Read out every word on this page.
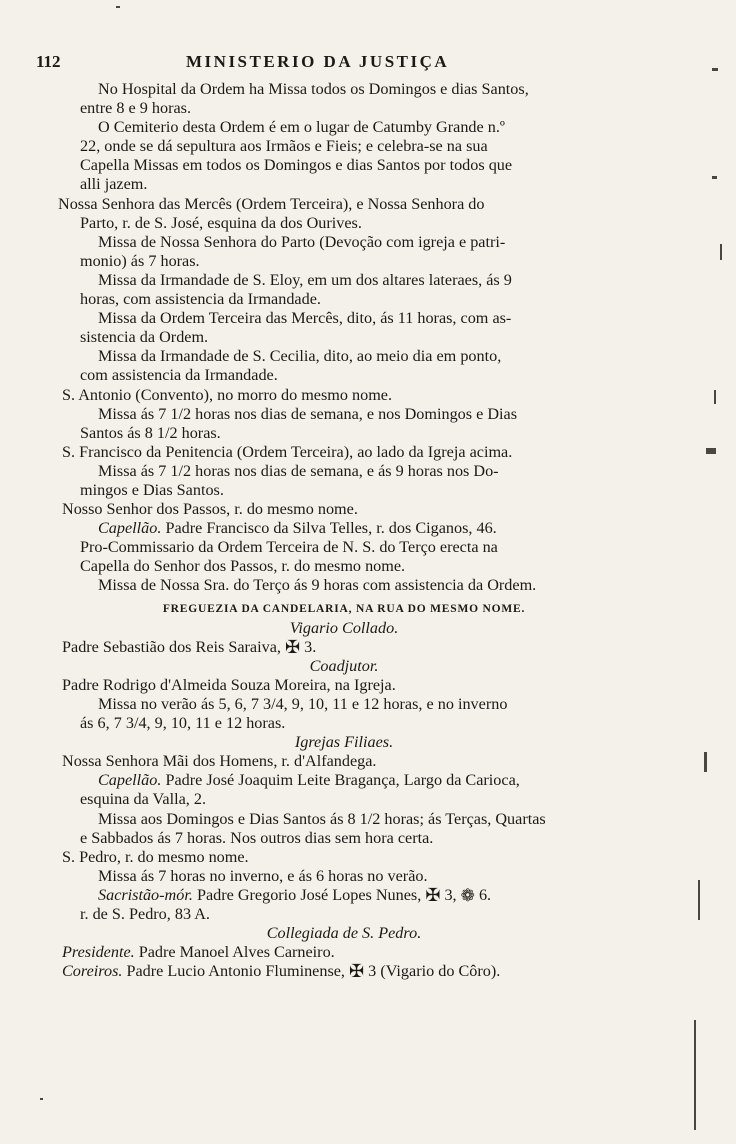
112	MINISTERIO DA JUSTIÇA
No Hospital da Ordem ha Missa todos os Domingos e dias Santos,
entre 8 e 9 horas.
O Cemiterio desta Ordem é em o lugar de Catumby Grande n.º
22, onde se dá sepultura aos Irmãos e Fieis; e celebra-se na sua
Capella Missas em todos os Domingos e dias Santos por todos que
alli jazem.
Nossa Senhora das Mercês (Ordem Terceira), e Nossa Senhora do
Parto, r. de S. José, esquina da dos Ourives.
Missa de Nossa Senhora do Parto (Devoção com igreja e patri-
monio) ás 7 horas.
Missa da Irmandade de S. Eloy, em um dos altares lateraes, ás 9
horas, com assistencia da Irmandade.
Missa da Ordem Terceira das Mercês, dito, ás 11 horas, com as-
sistencia da Ordem.
Missa da Irmandade de S. Cecilia, dito, ao meio dia em ponto,
com assistencia da Irmandade.
S. Antonio (Convento), no morro do mesmo nome.
Missa ás 7 1/2 horas nos dias de semana, e nos Domingos e Dias
Santos ás 8 1/2 horas.
S. Francisco da Penitencia (Ordem Terceira), ao lado da Igreja acima.
Missa ás 7 1/2 horas nos dias de semana, e ás 9 horas nos Do-
mingos e Dias Santos.
Nosso Senhor dos Passos, r. do mesmo nome.
Capellão. Padre Francisco da Silva Telles, r. dos Ciganos, 46.
Pro-Commissario da Ordem Terceira de N. S. do Terço erecta na
Capella do Senhor dos Passos, r. do mesmo nome.
Missa de Nossa Sra. do Terço ás 9 horas com assistencia da Ordem.
FREGUEZIA DA CANDELARIA, NA RUA DO MESMO NOME.
Vigario Collado.
Padre Sebastião dos Reis Saraiva, ✠ 3.
Coadjutor.
Padre Rodrigo d'Almeida Souza Moreira, na Igreja.
Missa no verão ás 5, 6, 7 3/4, 9, 10, 11 e 12 horas, e no inverno
ás 6, 7 3/4, 9, 10, 11 e 12 horas.
Igrejas Filiaes.
Nossa Senhora Mãi dos Homens, r. d'Alfandega.
Capellão. Padre José Joaquim Leite Bragança, Largo da Carioca,
esquina da Valla, 2.
Missa aos Domingos e Dias Santos ás 8 1/2 horas; ás Terças, Quartas
e Sabbados ás 7 horas. Nos outros dias sem hora certa.
S. Pedro, r. do mesmo nome.
Missa ás 7 horas no inverno, e ás 6 horas no verão.
Sacristão-mór. Padre Gregorio José Lopes Nunes, ✠ 3, ❁ 6.
r. de S. Pedro, 83 A.
Collegiada de S. Pedro.
Presidente. Padre Manoel Alves Carneiro.
Coreiros. Padre Lucio Antonio Fluminense, ✠ 3 (Vigario do Côro).
